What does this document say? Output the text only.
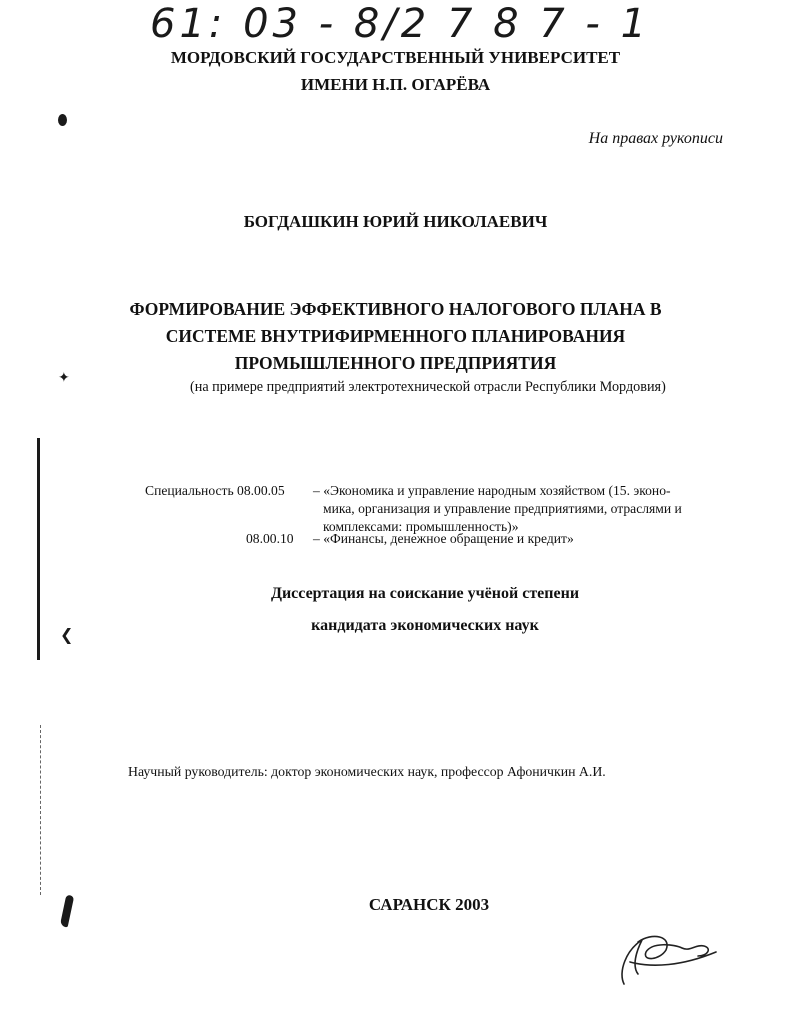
61: 03 - 8/2 7 8 7 - 1
✦
❮
МОРДОВСКИЙ ГОСУДАРСТВЕННЫЙ УНИВЕРСИТЕТ
ИМЕНИ Н.П. ОГАРЁВА
На правах рукописи
БОГДАШКИН ЮРИЙ НИКОЛАЕВИЧ
ФОРМИРОВАНИЕ ЭФФЕКТИВНОГО НАЛОГОВОГО ПЛАНА В
СИСТЕМЕ ВНУТРИФИРМЕННОГО ПЛАНИРОВАНИЯ
ПРОМЫШЛЕННОГО ПРЕДПРИЯТИЯ
(на примере предприятий электротехнической отрасли Республики Мордовия)
Специальность 08.00.05 – «Экономика и управление народным хозяйством (15. эконо-
мика, организация и управление предприятиями, отраслями и
комплексами: промышленность)»
08.00.10 – «Финансы, денежное обращение и кредит»
Диссертация на соискание учёной степени
кандидата экономических наук
Научный руководитель: доктор экономических наук, профессор Афоничкин А.И.
САРАНСК 2003
